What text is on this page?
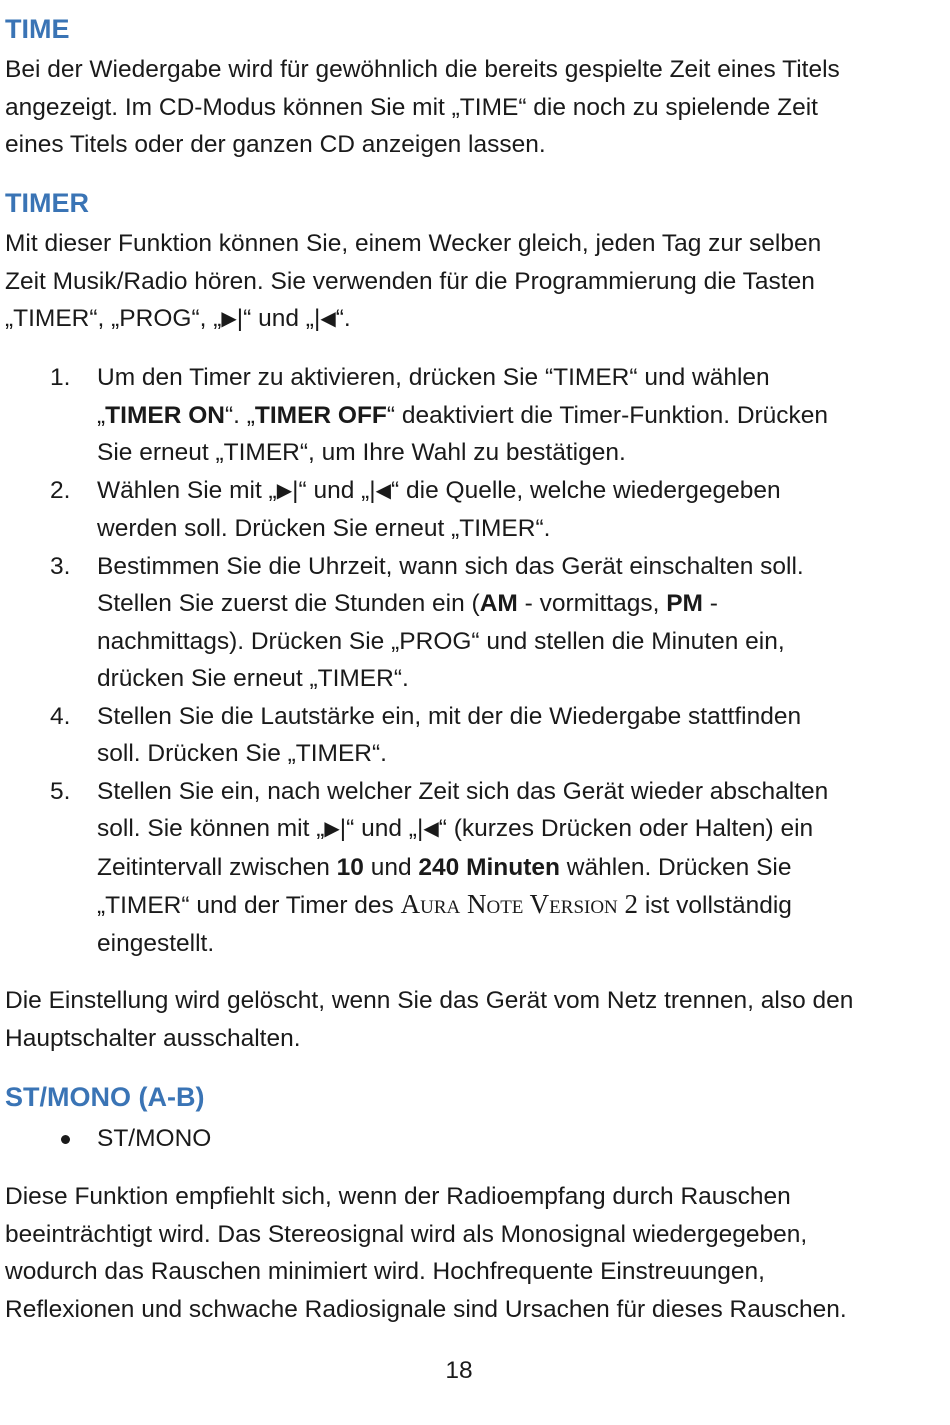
TIME
Bei der Wiedergabe wird für gewöhnlich die bereits gespielte Zeit eines Titels
angezeigt. Im CD-Modus können Sie mit „TIME“ die noch zu spielende Zeit
eines Titels oder der ganzen CD anzeigen lassen.
TIMER
Mit dieser Funktion können Sie, einem Wecker gleich, jeden Tag zur selben
Zeit Musik/Radio hören. Sie verwenden für die Programmierung die Tasten
„TIMER“, „PROG“, „▶|“ und „|◀“.
1. Um den Timer zu aktivieren, drücken Sie “TIMER“ und wählen
„TIMER ON“. „TIMER OFF“ deaktiviert die Timer-Funktion. Drücken
Sie erneut „TIMER“, um Ihre Wahl zu bestätigen.
2. Wählen Sie mit „▶|“ und „|◀“ die Quelle, welche wiedergegeben
werden soll. Drücken Sie erneut „TIMER“.
3. Bestimmen Sie die Uhrzeit, wann sich das Gerät einschalten soll.
Stellen Sie zuerst die Stunden ein (AM - vormittags, PM -
nachmittags). Drücken Sie „PROG“ und stellen die Minuten ein,
drücken Sie erneut „TIMER“.
4. Stellen Sie die Lautstärke ein, mit der die Wiedergabe stattfinden
soll. Drücken Sie „TIMER“.
5. Stellen Sie ein, nach welcher Zeit sich das Gerät wieder abschalten
soll. Sie können mit „▶|“ und „|◀“ (kurzes Drücken oder Halten) ein
Zeitintervall zwischen 10 und 240 Minuten wählen. Drücken Sie
„TIMER“ und der Timer des Aura Note Version 2 ist vollständig
eingestellt.
Die Einstellung wird gelöscht, wenn Sie das Gerät vom Netz trennen, also den
Hauptschalter ausschalten.
ST/MONO (A-B)
ST/MONO
Diese Funktion empfiehlt sich, wenn der Radioempfang durch Rauschen
beeinträchtigt wird. Das Stereosignal wird als Monosignal wiedergegeben,
wodurch das Rauschen minimiert wird. Hochfrequente Einstreuungen,
Reflexionen und schwache Radiosignale sind Ursachen für dieses Rauschen.
18
